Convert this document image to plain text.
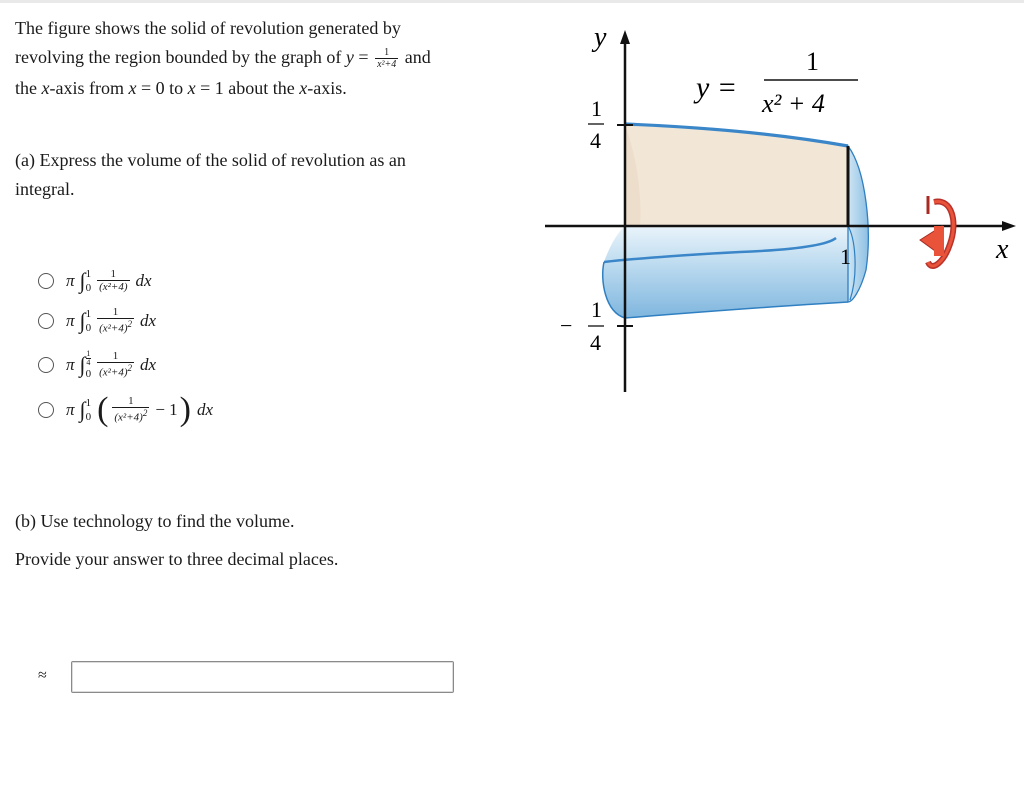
The figure shows the solid of revolution generated by

revolving the region bounded by the graph of $y = \frac{1}{\text{x²+4}}$ and

the x-axis from x = 0 to x = 1 about the x-axis.

(a) Express the volume of the solid of revolution as an

integral.

π ∫ 1
$0 \frac{1}{\text{(x²+4)}}$ dx
π ∫ 1
$0 \frac{1}{(x^2+4)^2}$ dx
π ∫ 1
4
$0 \frac{1}{(x^2+4)^2}$ dx
π ∫ 1
0 ( $\frac{1}{(x^2+4)^2} - 1$ ) dx

(b) Use technology to find the volume.

Provide your answer to three decimal places.

≈
y
x
1
y =
1
x² + 4
1
4
−
1
4
